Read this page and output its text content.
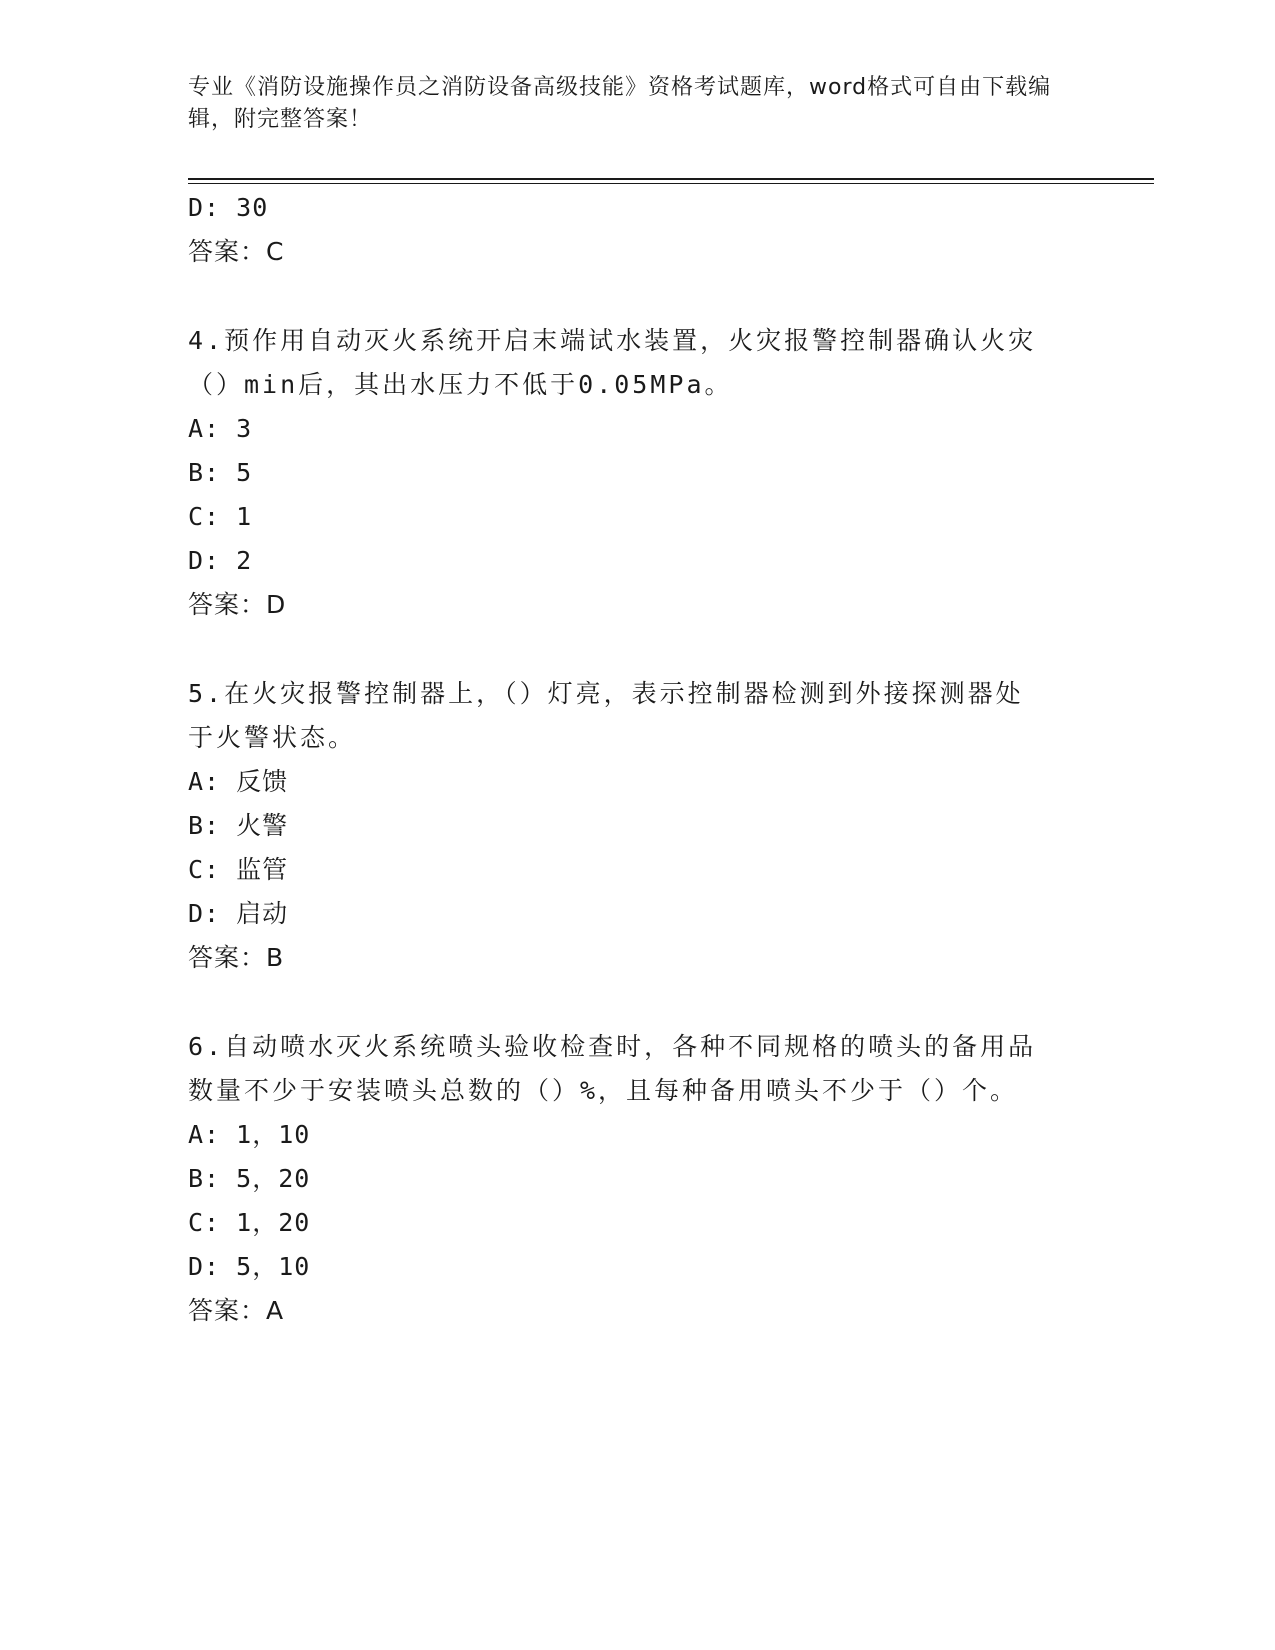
专业《消防设施操作员之消防设备高级技能》资格考试题库，word格式可自由下载编辑，附完整答案！
D: 30
答案：C
4.预作用自动灭火系统开启末端试水装置，火灾报警控制器确认火灾
（）min后，其出水压力不低于0.05MPa。
A: 3
B: 5
C: 1
D: 2
答案：D
5.在火灾报警控制器上，（）灯亮，表示控制器检测到外接探测器处
于火警状态。
A: 反馈
B: 火警
C: 监管
D: 启动
答案：B
6.自动喷水灭火系统喷头验收检查时，各种不同规格的喷头的备用品
数量不少于安装喷头总数的（）%，且每种备用喷头不少于（）个。
A: 1，10
B: 5，20
C: 1，20
D: 5，10
答案：A
